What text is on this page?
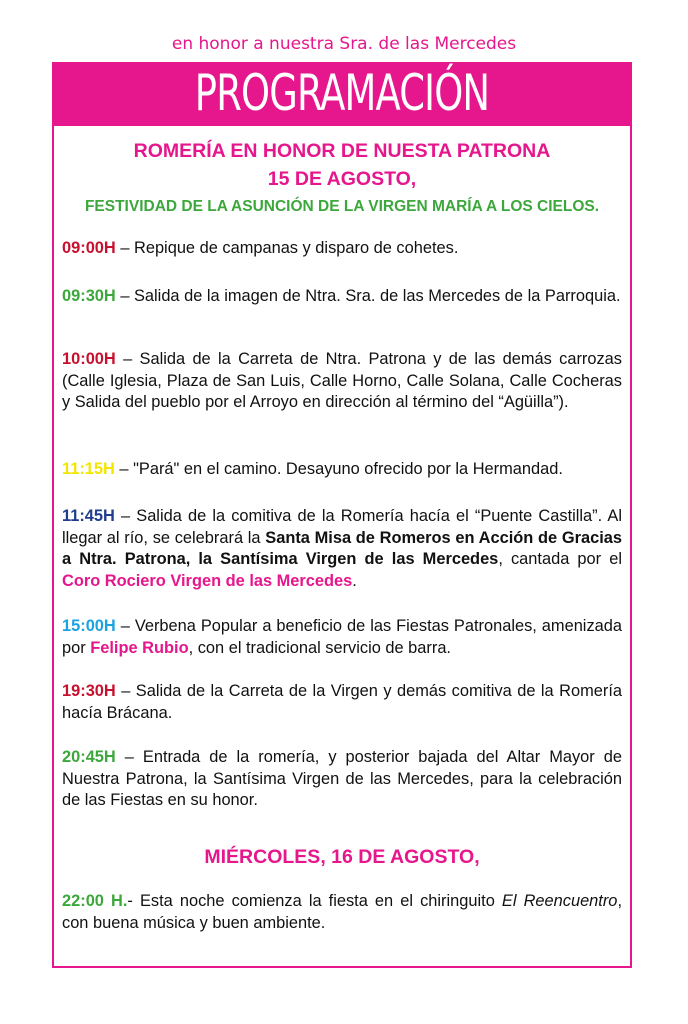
en honor a nuestra Sra. de las Mercedes
PROGRAMACIÓN
ROMERÍA EN HONOR DE NUESTA PATRONA
15 DE AGOSTO,
FESTIVIDAD DE LA ASUNCIÓN DE LA VIRGEN MARÍA A LOS CIELOS.
09:00H – Repique de campanas y disparo de cohetes.
09:30H – Salida de la imagen de Ntra. Sra. de las Mercedes de la Parroquia.
10:00H – Salida de la Carreta de Ntra. Patrona y de las demás carrozas (Calle Iglesia, Plaza de San Luis, Calle Horno, Calle Solana, Calle Cocheras y Salida del pueblo por el Arroyo en dirección al término del “Agüilla”).
11:15H – "Pará" en el camino. Desayuno ofrecido por la Hermandad.
11:45H – Salida de la comitiva de la Romería hacía el “Puente Castilla”. Al llegar al río, se celebrará la Santa Misa de Romeros en Acción de Gracias a Ntra. Patrona, la Santísima Virgen de las Mercedes, cantada por el Coro Rociero Virgen de las Mercedes.
15:00H – Verbena Popular a beneficio de las Fiestas Patronales, amenizada por Felipe Rubio, con el tradicional servicio de barra.
19:30H – Salida de la Carreta de la Virgen y demás comitiva de la Romería hacía Brácana.
20:45H – Entrada de la romería, y posterior bajada del Altar Mayor de Nuestra Patrona, la Santísima Virgen de las Mercedes, para la celebración de las Fiestas en su honor.
MIÉRCOLES, 16 DE AGOSTO,
22:00 H.- Esta noche comienza la fiesta en el chiringuito El Reencuentro, con buena música y buen ambiente.
